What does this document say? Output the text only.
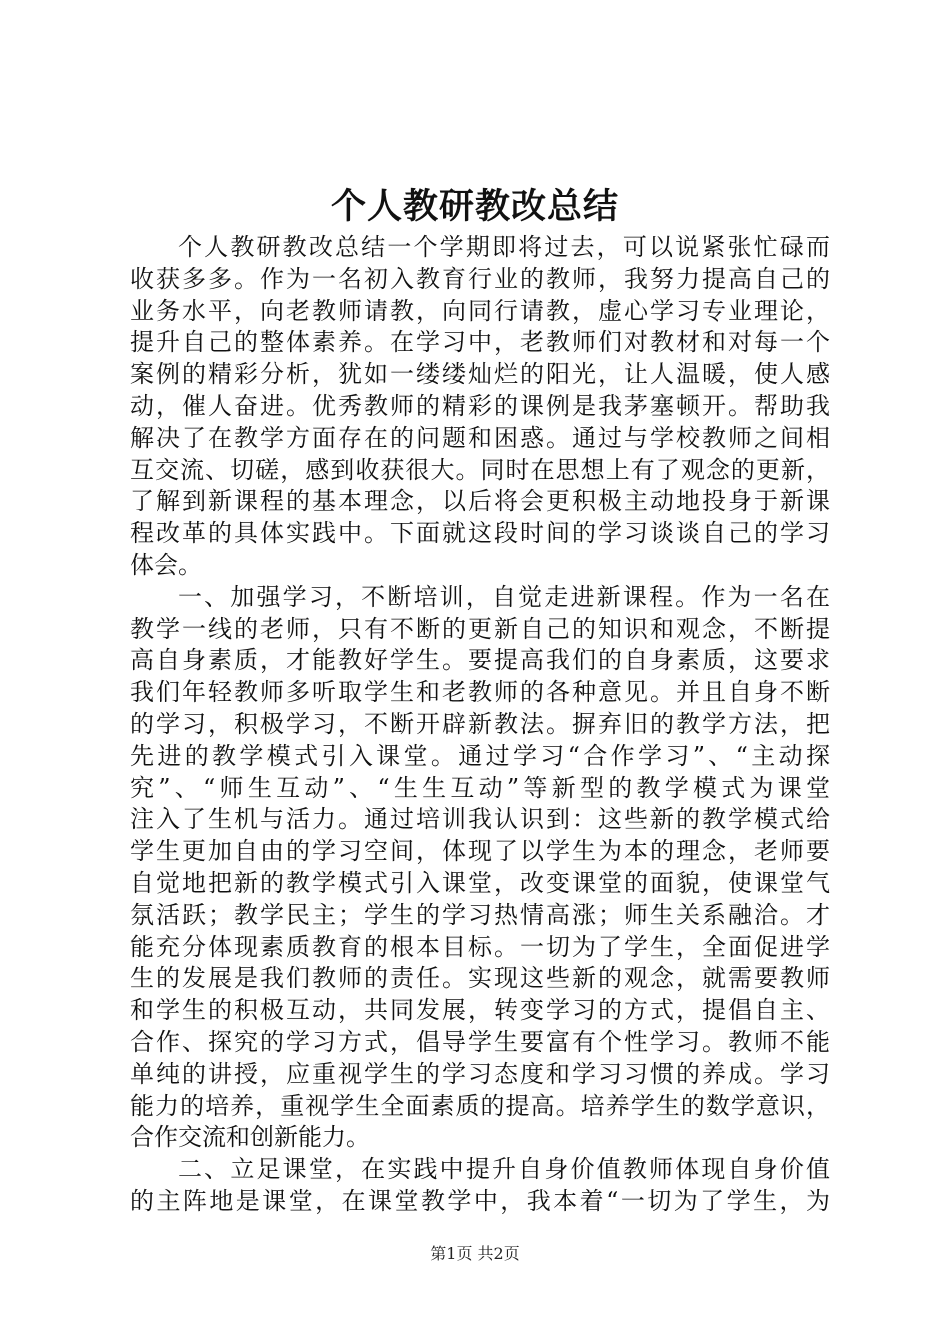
个人教研教改总结
个人教研教改总结一个学期即将过去，可以说紧张忙碌而
收获多多。作为一名初入教育行业的教师，我努力提高自己的
业务水平，向老教师请教，向同行请教，虚心学习专业理论，
提升自己的整体素养。在学习中，老教师们对教材和对每一个
案例的精彩分析，犹如一缕缕灿烂的阳光，让人温暖，使人感
动，催人奋进。优秀教师的精彩的课例是我茅塞顿开。帮助我
解决了在教学方面存在的问题和困惑。通过与学校教师之间相
互交流、切磋，感到收获很大。同时在思想上有了观念的更新，
了解到新课程的基本理念，以后将会更积极主动地投身于新课
程改革的具体实践中。下面就这段时间的学习谈谈自己的学习
体会。
一、加强学习，不断培训，自觉走进新课程。作为一名在
教学一线的老师，只有不断的更新自己的知识和观念，不断提
高自身素质，才能教好学生。要提高我们的自身素质，这要求
我们年轻教师多听取学生和老教师的各种意见。并且自身不断
的学习，积极学习，不断开辟新教法。摒弃旧的教学方法，把
先进的教学模式引入课堂。通过学习“合作学习”、“主动探
究”、“师生互动”、“生生互动”等新型的教学模式为课堂
注入了生机与活力。通过培训我认识到：这些新的教学模式给
学生更加自由的学习空间，体现了以学生为本的理念，老师要
自觉地把新的教学模式引入课堂，改变课堂的面貌，使课堂气
氛活跃；教学民主；学生的学习热情高涨；师生关系融洽。才
能充分体现素质教育的根本目标。一切为了学生，全面促进学
生的发展是我们教师的责任。实现这些新的观念，就需要教师
和学生的积极互动，共同发展，转变学习的方式，提倡自主、
合作、探究的学习方式，倡导学生要富有个性学习。教师不能
单纯的讲授，应重视学生的学习态度和学习习惯的养成。学习
能力的培养，重视学生全面素质的提高。培养学生的数学意识，
合作交流和创新能力。
二、立足课堂，在实践中提升自身价值教师体现自身价值
的主阵地是课堂，在课堂教学中，我本着“一切为了学生，为
第1页 共2页
